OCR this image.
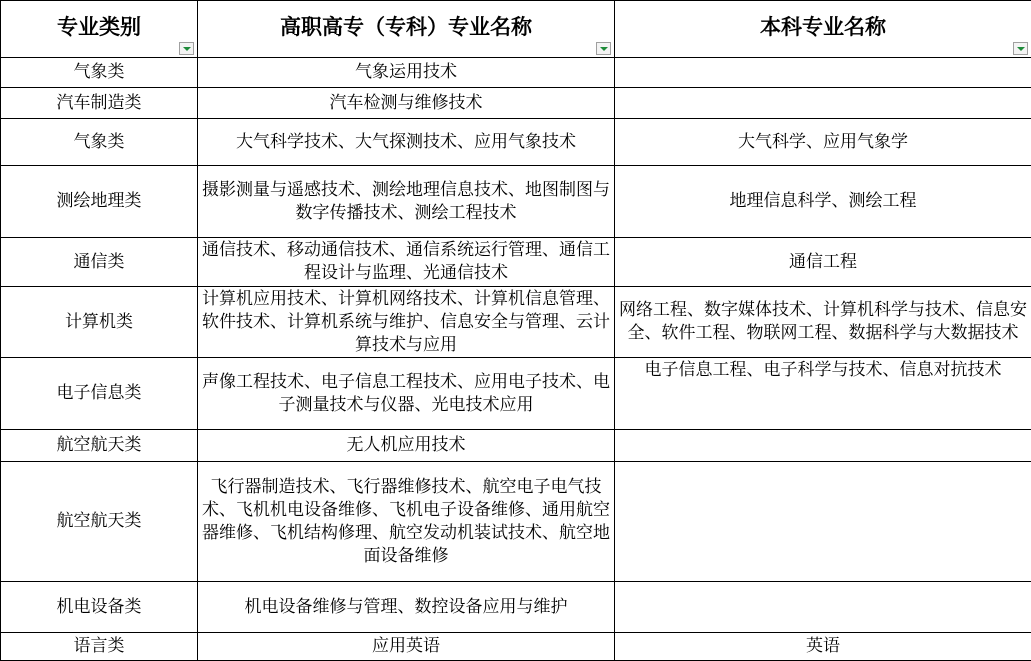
专业类别	高职高专（专科）专业名称	本科专业名称

气象类	气象运用技术	
汽车制造类	汽车检测与维修技术	
气象类	大气科学技术、大气探测技术、应用气象技术	大气科学、应用气象学
测绘地理类	摄影测量与遥感技术、测绘地理信息技术、地图制图与数字传播技术、测绘工程技术	地理信息科学、测绘工程
通信类	通信技术、移动通信技术、通信系统运行管理、通信工程设计与监理、光通信技术	通信工程
计算机类	计算机应用技术、计算机网络技术、计算机信息管理、软件技术、计算机系统与维护、信息安全与管理、云计算技术与应用	网络工程、数字媒体技术、计算机科学与技术、信息安全、软件工程、物联网工程、数据科学与大数据技术
电子信息类	声像工程技术、电子信息工程技术、应用电子技术、电子测量技术与仪器、光电技术应用	电子信息工程、电子科学与技术、信息对抗技术
航空航天类	无人机应用技术	
航空航天类	飞行器制造技术、飞行器维修技术、航空电子电气技术、飞机机电设备维修、飞机电子设备维修、通用航空器维修、飞机结构修理、航空发动机装试技术、航空地面设备维修	
机电设备类	机电设备维修与管理、数控设备应用与维护	
语言类	应用英语	英语
